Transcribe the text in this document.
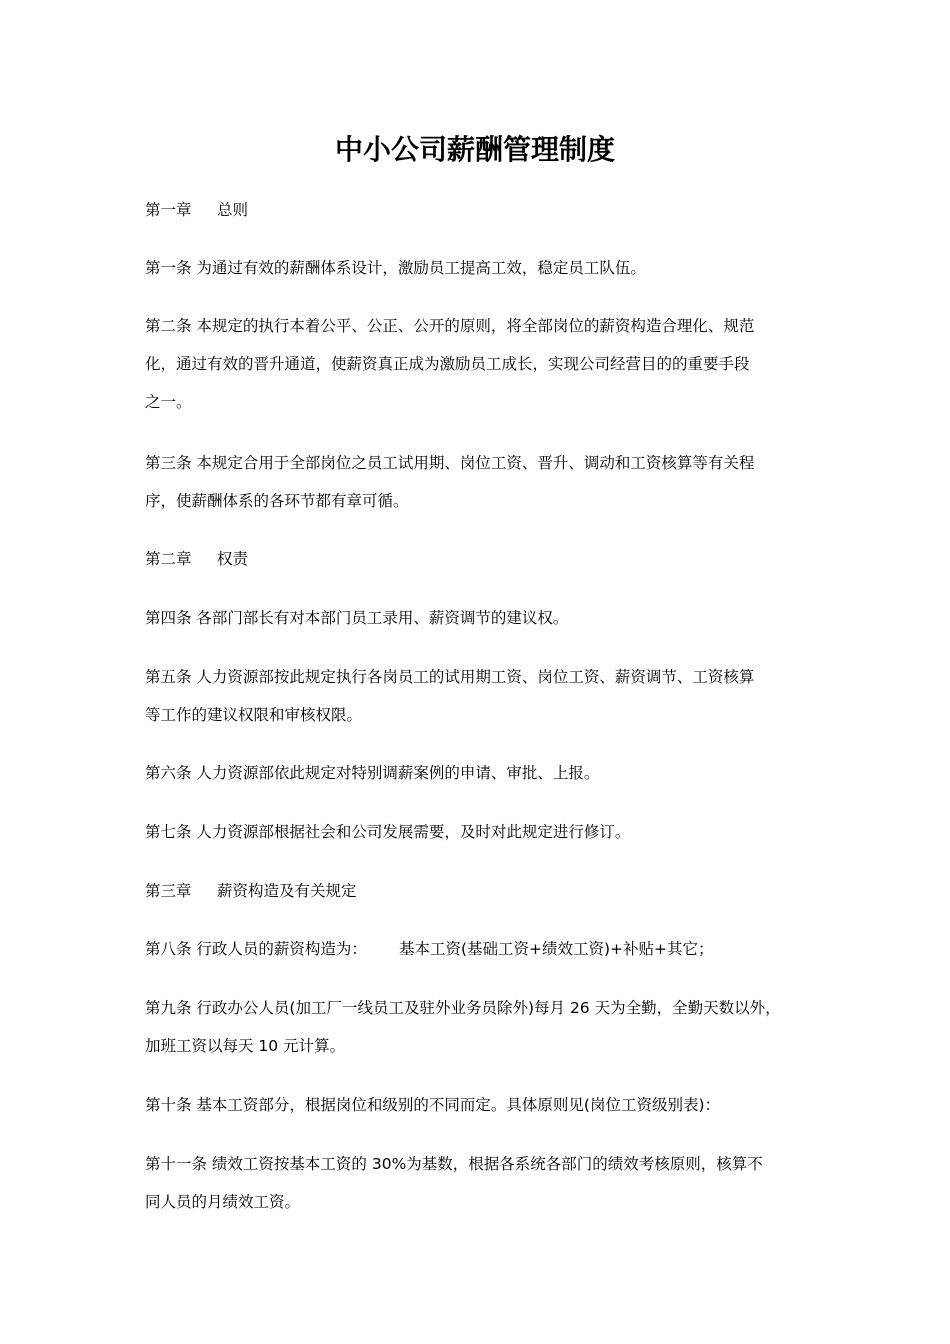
中小公司薪酬管理制度

第一章 总则

第一条 为通过有效的薪酬体系设计，激励员工提高工效，稳定员工队伍。

第二条 本规定的执行本着公平、公正、公开的原则，将全部岗位的薪资构造合理化、规范
化，通过有效的晋升通道，使薪资真正成为激励员工成长，实现公司经营目的的重要手段
之一。

第三条 本规定合用于全部岗位之员工试用期、岗位工资、晋升、调动和工资核算等有关程
序，使薪酬体系的各环节都有章可循。

第二章 权责

第四条 各部门部长有对本部门员工录用、薪资调节的建议权。

第五条 人力资源部按此规定执行各岗员工的试用期工资、岗位工资、薪资调节、工资核算
等工作的建议权限和审核权限。

第六条 人力资源部依此规定对特别调薪案例的申请、审批、上报。

第七条 人力资源部根据社会和公司发展需要，及时对此规定进行修订。

第三章 薪资构造及有关规定

第八条 行政人员的薪资构造为： 基本工资(基础工资+绩效工资)+补贴+其它；

第九条 行政办公人员(加工厂一线员工及驻外业务员除外)每月 26 天为全勤，全勤天数以外，
加班工资以每天 10 元计算。

第十条 基本工资部分，根据岗位和级别的不同而定。具体原则见(岗位工资级别表)：

第十一条 绩效工资按基本工资的 30%为基数，根据各系统各部门的绩效考核原则，核算不
同人员的月绩效工资。
